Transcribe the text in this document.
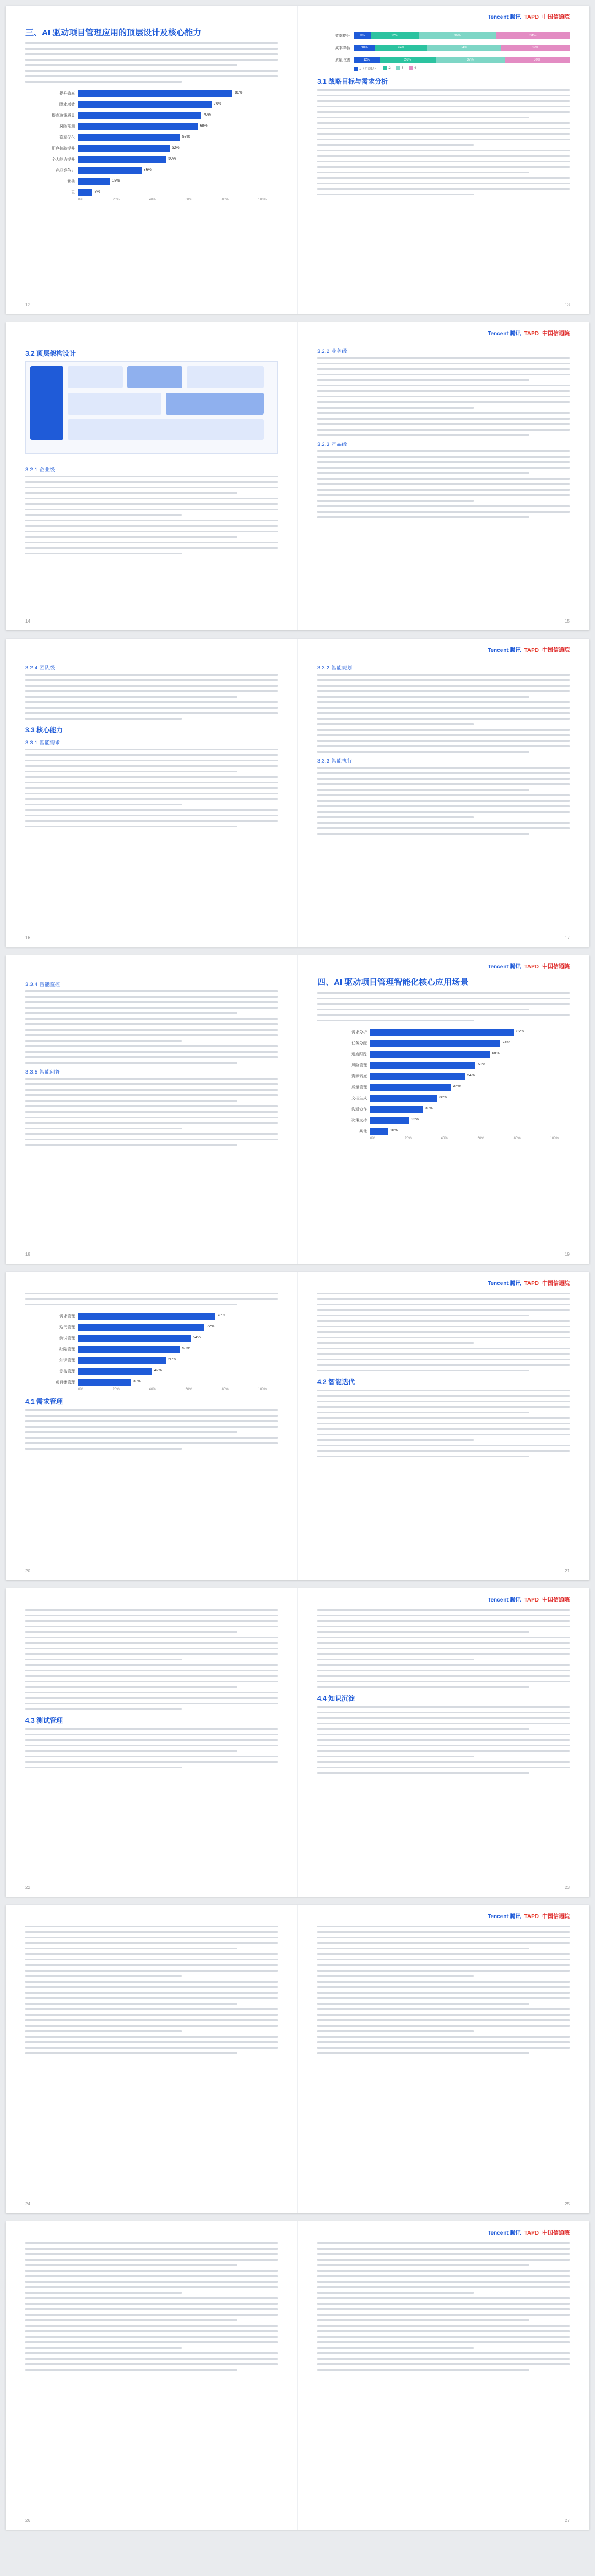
三、AI 驱动项目管理应用的顶层设计及核心能力
提升效率	88%
降本增效	76%
提高决策质量	70%
风险预测	68%
资源优化	58%
用户体验提升	52%
个人能力提升	50%
产品竞争力	36%
其他	18%
无	8%
0%	20%	40%	60%	80%	100%
12
Tencent 腾讯 TAPD 中国信通院
效率提升	8%	22%	36%	34%
成本降低	10%	24%	34%	32%
质量改善	12%	26%	32%	30%
1（无帮助）	2	3	4
3.1 战略目标与需求分析
13
3.2 顶层架构设计
3.2.1 企业级
14
Tencent 腾讯 TAPD 中国信通院
3.2.2 业务级
3.2.3 产品级
15
3.2.4 团队级
3.3 核心能力
3.3.1 智能需求
16
Tencent 腾讯 TAPD 中国信通院
3.3.2 智能规划
3.3.3 智能执行
17
3.3.4 智能监控
3.3.5 智能问答
18
Tencent 腾讯 TAPD 中国信通院
四、AI 驱动项目管理智能化核心应用场景
需求分析	82%
任务分配	74%
进度跟踪	68%
风险管理	60%
资源调度	54%
质量管理	46%
文档生成	38%
沟通协作	30%
决策支持	22%
其他	10%
0%	20%	40%	60%	80%	100%
19
需求管理	78%
迭代管理	72%
测试管理	64%
缺陷管理	58%
知识管理	50%
发布管理	42%
项目集管理	30%
0%	20%	40%	60%	80%	100%
4.1 需求管理
20
Tencent 腾讯 TAPD 中国信通院
4.2 智能迭代
21
4.3 测试管理
22
Tencent 腾讯 TAPD 中国信通院
4.4 知识沉淀
23
24
Tencent 腾讯 TAPD 中国信通院
25
26
Tencent 腾讯 TAPD 中国信通院
27
